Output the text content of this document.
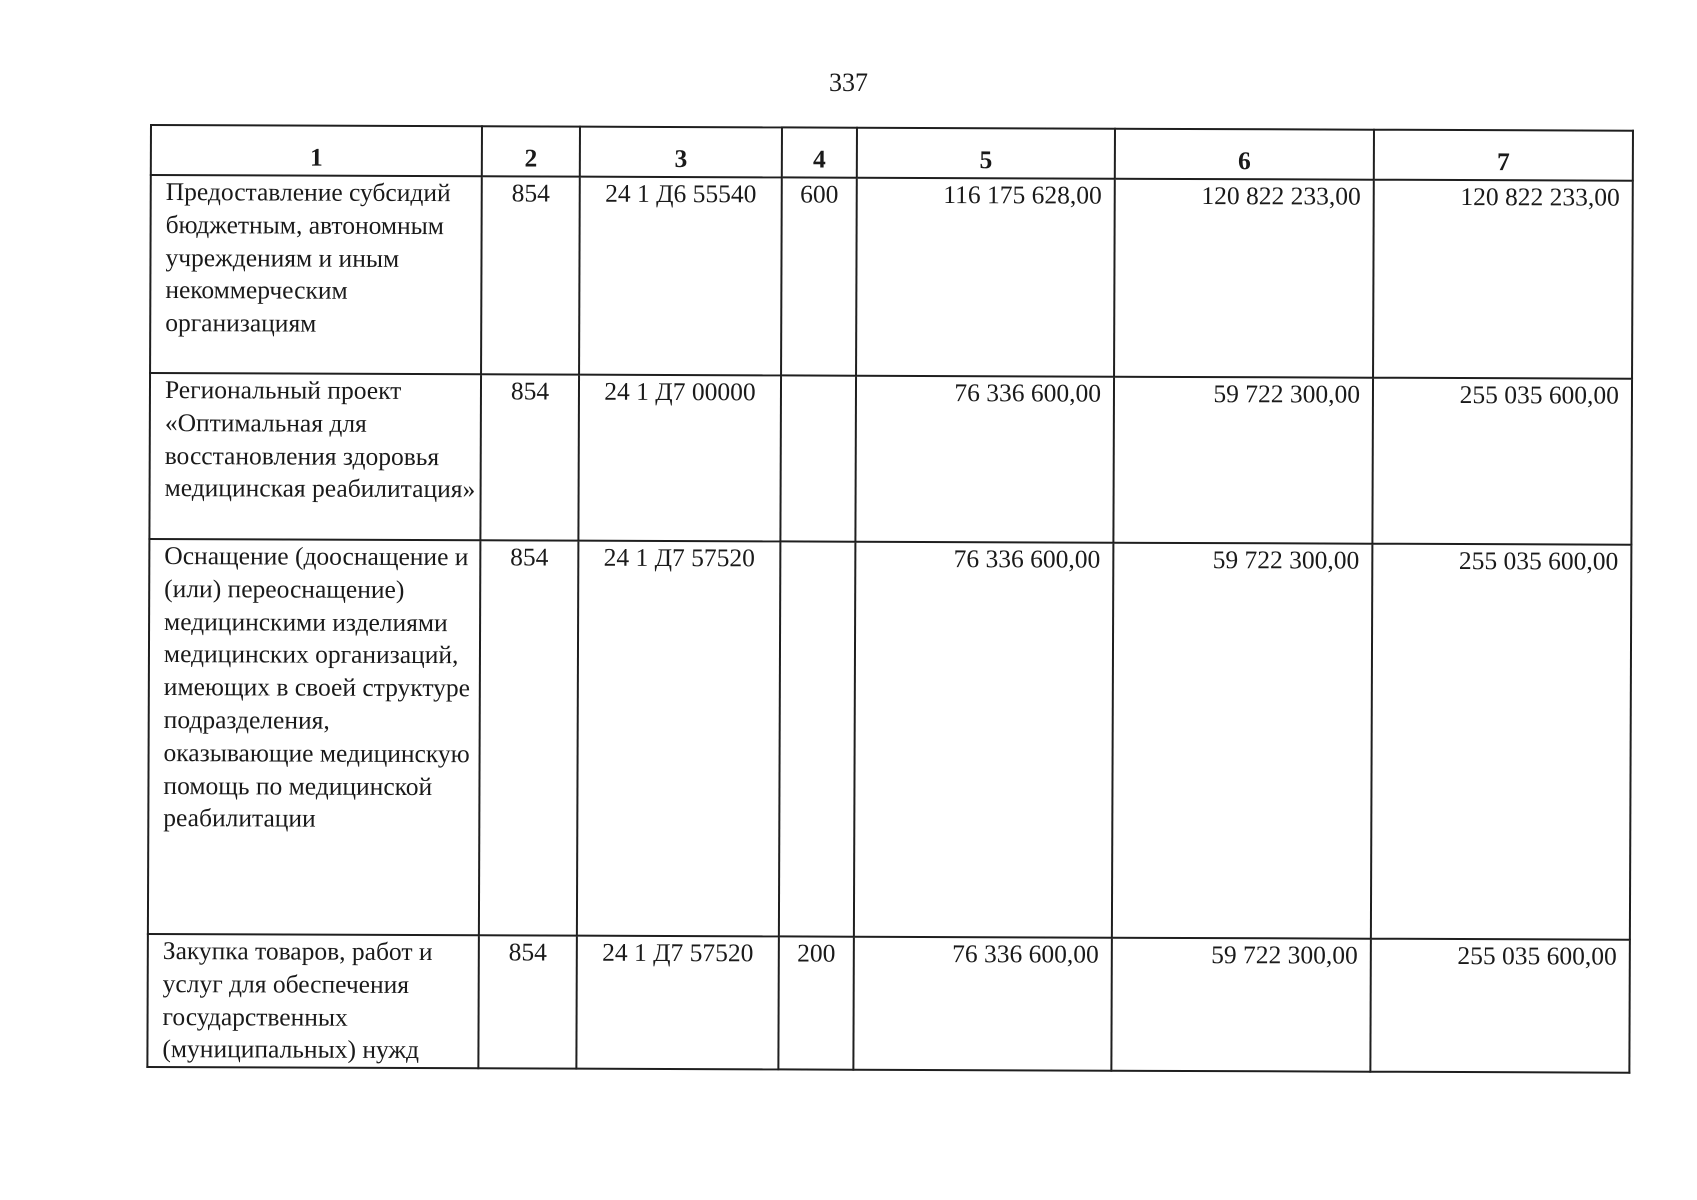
337
1	2	3	4	5	6	7
Предоставление субсидий бюджетным, автономным учреждениям и иным некоммерческим организациям	854	24 1 Д6 55540	600	116 175 628,00	120 822 233,00	120 822 233,00
Региональный проект «Оптимальная для восстановления здоровья медицинская реабилитация»	854	24 1 Д7 00000		76 336 600,00	59 722 300,00	255 035 600,00
Оснащение (дооснащение и (или) переоснащение) медицинскими изделиями медицинских организаций, имеющих в своей структуре подразделения, оказывающие медицинскую помощь по медицинской реабилитации	854	24 1 Д7 57520		76 336 600,00	59 722 300,00	255 035 600,00
Закупка товаров, работ и услуг для обеспечения государственных (муниципальных) нужд	854	24 1 Д7 57520	200	76 336 600,00	59 722 300,00	255 035 600,00
